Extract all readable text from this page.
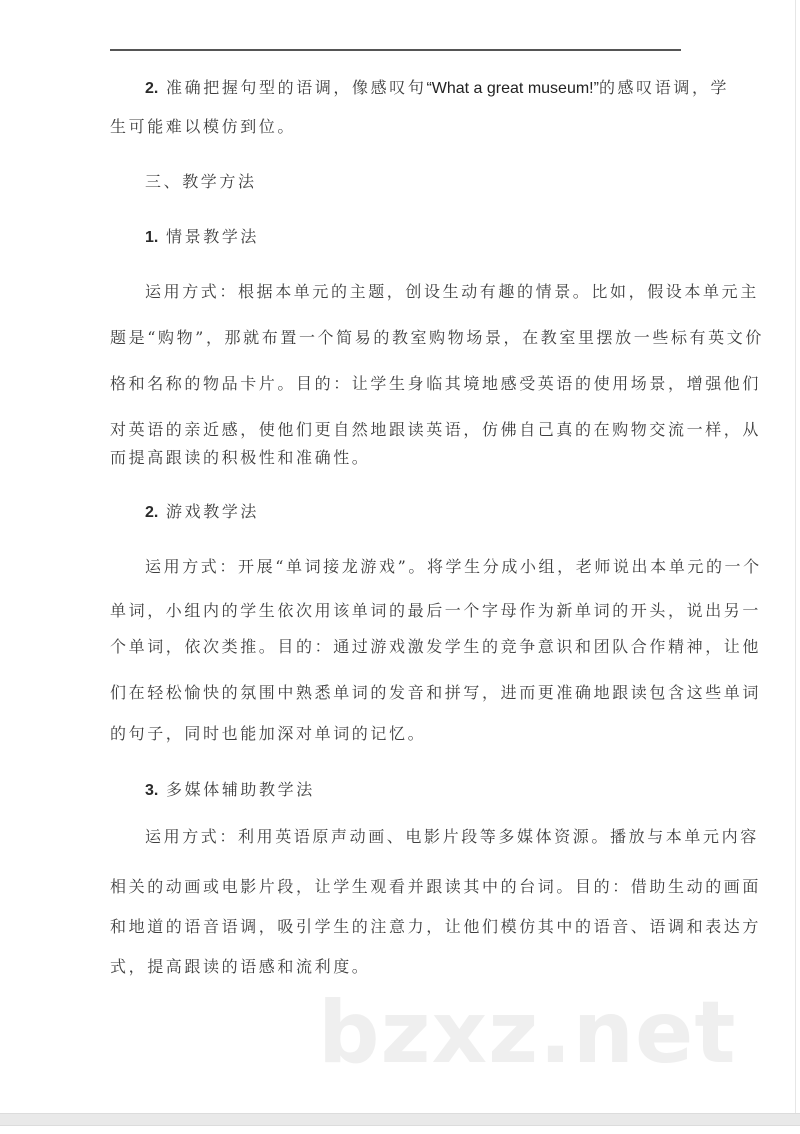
2. 准确把握句型的语调，像感叹句“What a great museum!”的感叹语调，学
生可能难以模仿到位。
三、教学方法
1. 情景教学法
运用方式：根据本单元的主题，创设生动有趣的情景。比如，假设本单元主
题是“购物”，那就布置一个简易的教室购物场景，在教室里摆放一些标有英文价
格和名称的物品卡片。目的：让学生身临其境地感受英语的使用场景，增强他们
对英语的亲近感，使他们更自然地跟读英语，仿佛自己真的在购物交流一样，从
而提高跟读的积极性和准确性。
2. 游戏教学法
运用方式：开展“单词接龙游戏”。将学生分成小组，老师说出本单元的一个
单词，小组内的学生依次用该单词的最后一个字母作为新单词的开头，说出另一
个单词，依次类推。目的：通过游戏激发学生的竞争意识和团队合作精神，让他
们在轻松愉快的氛围中熟悉单词的发音和拼写，进而更准确地跟读包含这些单词
的句子，同时也能加深对单词的记忆。
3. 多媒体辅助教学法
运用方式：利用英语原声动画、电影片段等多媒体资源。播放与本单元内容
相关的动画或电影片段，让学生观看并跟读其中的台词。目的：借助生动的画面
和地道的语音语调，吸引学生的注意力，让他们模仿其中的语音、语调和表达方
式，提高跟读的语感和流利度。
bzxz.net
